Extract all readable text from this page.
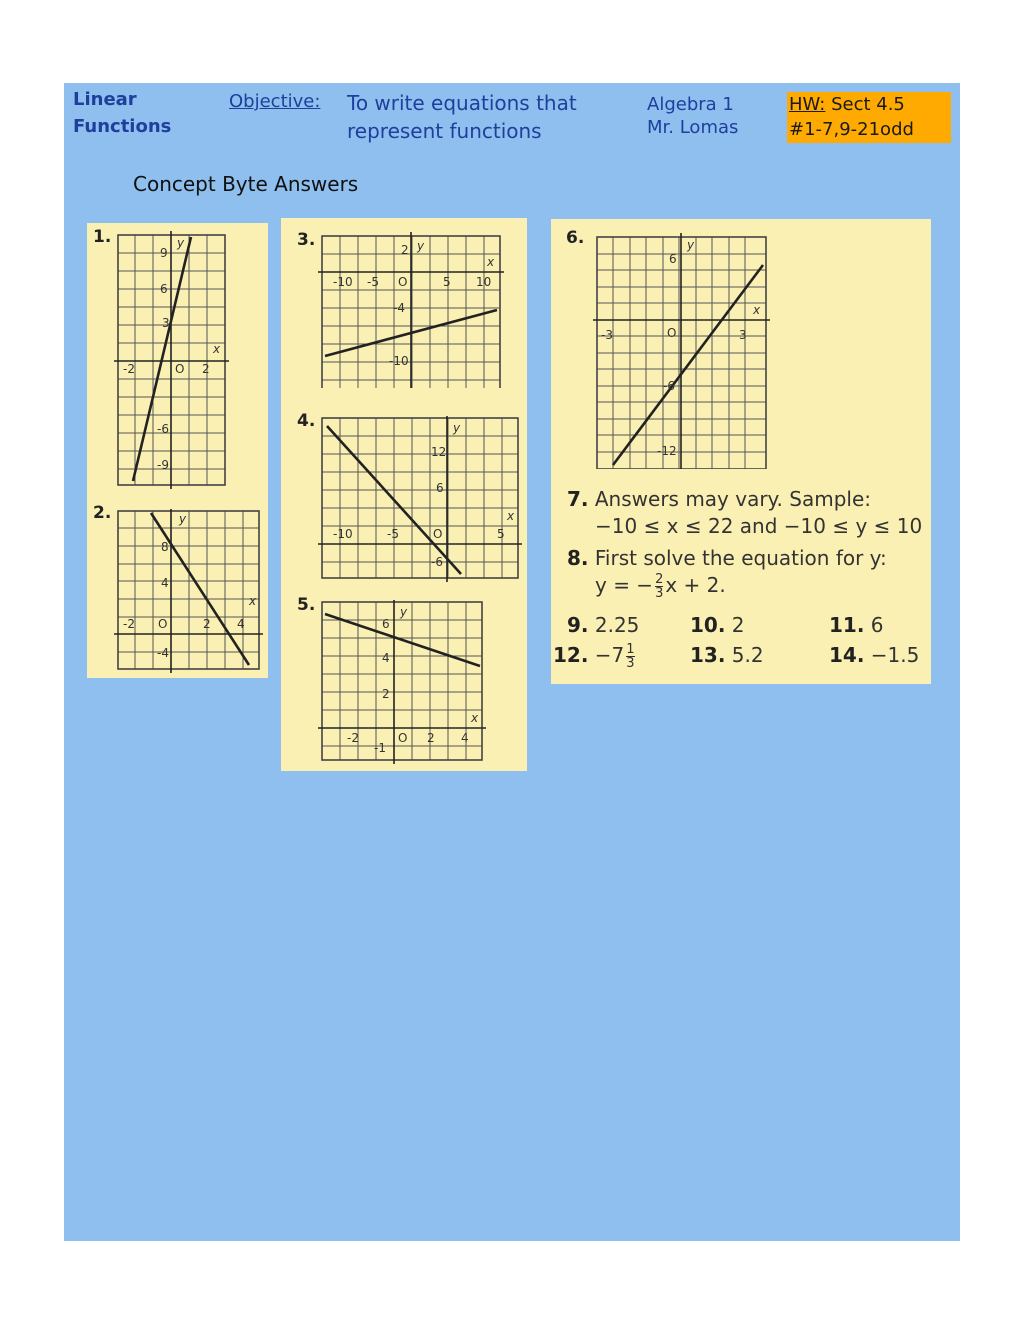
Linear
Functions
Objective: To write equations that
represent functions
Algebra 1
Mr. Lomas
HW: Sect 4.5
#1-7,9-21odd
Concept Byte Answers
1.
9
6
3
-2	O 2
-6
-9
x
y
2.
8
4
-2 O	2 4
-4
x
y
3.	2
-10 -5 O	5 10
-4
-10
x
y
4.
12
6
-10	-5	O	5
-6
x
y
5.
6
4
2
-2
-1
O 2 4
x
y
6.
6
-3	O	3
-6
-12
x
y
7. Answers may vary. Sample:
−10 ≤ x ≤ 22 and −10 ≤ y ≤ 10
8. First solve the equation for y:
y = − $\frac{2}{3}$ x + 2.
9. 2.25	10. 2	11. 6
12. $-7 \frac{1}{3}$	13. 5.2	14. −1.5
